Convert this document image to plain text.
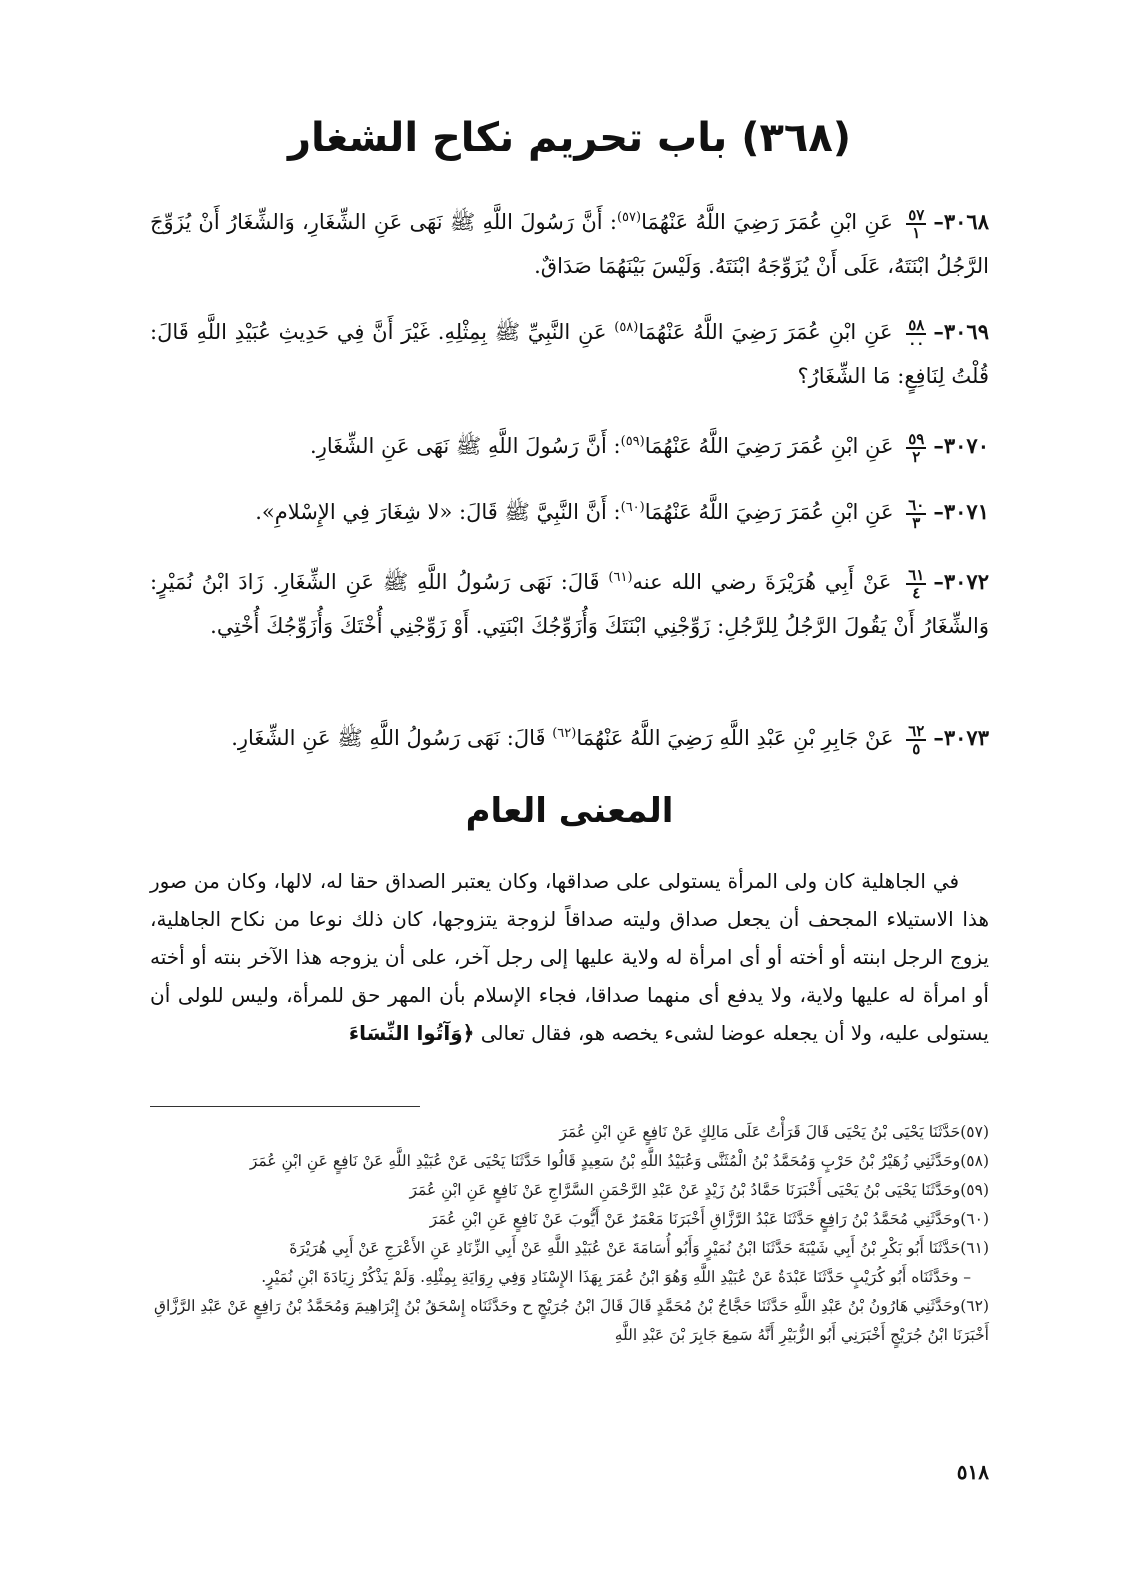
(٣٦٨) باب تحريم نكاح الشغار

٣٠٦٨–
$\frac{٥٧}{١}$
عَنِ ابْنِ عُمَرَ رَضِيَ اللَّهُ عَنْهُمَا$^{(٥٧)}$: أَنَّ رَسُولَ اللَّهِ ﷺ نَهَى عَنِ الشِّغَارِ، وَالشِّغَارُ أَنْ يُزَوِّجَ الرَّجُلُ ابْنَتَهُ، عَلَى أَنْ يُزَوِّجَهُ ابْنَتَهُ. وَلَيْسَ بَيْنَهُمَا صَدَاقٌ.

٣٠٦٩–
$\frac{٥٨}{٠٠}$
عَنِ ابْنِ عُمَرَ رَضِيَ اللَّهُ عَنْهُمَا$^{(٥٨)}$ عَنِ النَّبِيِّ ﷺ بِمِثْلِهِ. غَيْرَ أَنَّ فِي حَدِيثِ عُبَيْدِ اللَّهِ قَالَ: قُلْتُ لِنَافِعٍ: مَا الشِّغَارُ؟

٣٠٧٠–
$\frac{٥٩}{٢}$
عَنِ ابْنِ عُمَرَ رَضِيَ اللَّهُ عَنْهُمَا$^{(٥٩)}$: أَنَّ رَسُولَ اللَّهِ ﷺ نَهَى عَنِ الشِّغَارِ.

٣٠٧١–
$\frac{٦٠}{٣}$
عَنِ ابْنِ عُمَرَ رَضِيَ اللَّهُ عَنْهُمَا$^{(٦٠)}$: أَنَّ النَّبِيَّ ﷺ قَالَ: «لا شِغَارَ فِي الإِسْلامِ».

٣٠٧٢–
$\frac{٦١}{٤}$
عَنْ أَبِي هُرَيْرَةَ رضي الله عنه$^{(٦١)}$ قَالَ: نَهَى رَسُولُ اللَّهِ ﷺ عَنِ الشِّغَارِ. زَادَ ابْنُ نُمَيْرٍ: وَالشِّغَارُ أَنْ يَقُولَ الرَّجُلُ لِلرَّجُلِ: زَوِّجْنِي ابْنَتَكَ وَأُزَوِّجُكَ ابْنَتِي. أَوْ زَوِّجْنِي أُخْتَكَ وَأُزَوِّجُكَ أُخْتِي.

٣٠٧٣–
$\frac{٦٢}{٥}$
عَنْ جَابِرِ بْنِ عَبْدِ اللَّهِ رَضِيَ اللَّهُ عَنْهُمَا$^{(٦٢)}$ قَالَ: نَهَى رَسُولُ اللَّهِ ﷺ عَنِ الشِّغَارِ.

المعنى العام

في الجاهلية كان ولى المرأة يستولى على صداقها، وكان يعتبر الصداق حقا له، لالها، وكان من صور هذا الاستيلاء المجحف أن يجعل صداق وليته صداقاً لزوجة يتزوجها، كان ذلك نوعا من نكاح الجاهلية، يزوج الرجل ابنته أو أخته أو أى امرأة له ولاية عليها إلى رجل آخر، على أن يزوجه هذا الآخر بنته أو أخته أو امرأة له عليها ولاية، ولا يدفع أى منهما صداقا، فجاء الإسلام بأن المهر حق للمرأة، وليس للولى أن يستولى عليه، ولا أن يجعله عوضا لشىء يخصه هو، فقال تعالى ﴿وَآتُوا النِّسَاءَ

(٥٧)حَدَّثَنَا يَحْيَى بْنُ يَحْيَى قَالَ قَرَأْتُ عَلَى مَالِكٍ عَنْ نَافِعٍ عَنِ ابْنِ عُمَرَ

(٥٨)وحَدَّثَنِي زُهَيْرُ بْنُ حَرْبٍ وَمُحَمَّدُ بْنُ الْمُثَنَّى وَعُبَيْدُ اللَّهِ بْنُ سَعِيدٍ قَالُوا حَدَّثَنَا يَحْيَى عَنْ عُبَيْدِ اللَّهِ عَنْ نَافِعٍ عَنِ ابْنِ عُمَرَ

(٥٩)وحَدَّثَنَا يَحْيَى بْنُ يَحْيَى أَخْبَرَنَا حَمَّادُ بْنُ زَيْدٍ عَنْ عَبْدِ الرَّحْمَنِ السَّرَّاجِ عَنْ نَافِعٍ عَنِ ابْنِ عُمَرَ

(٦٠)وحَدَّثَنِي مُحَمَّدُ بْنُ رَافِعٍ حَدَّثَنَا عَبْدُ الرَّزَّاقِ أَخْبَرَنَا مَعْمَرٌ عَنْ أَيُّوبَ عَنْ نَافِعٍ عَنِ ابْنِ عُمَرَ

(٦١)حَدَّثَنَا أَبُو بَكْرِ بْنُ أَبِي شَيْبَةَ حَدَّثَنَا ابْنُ نُمَيْرٍ وَأَبُو أُسَامَةَ عَنْ عُبَيْدِ اللَّهِ عَنْ أَبِي الزِّنَادِ عَنِ الأَعْرَجِ عَنْ أَبِي هُرَيْرَةَ

– وحَدَّثَنَاه أَبُو كُرَيْبٍ حَدَّثَنَا عَبْدَةُ عَنْ عُبَيْدِ اللَّهِ وَهُوَ ابْنُ عُمَرَ بِهَذَا الإِسْنَادِ وَفِي رِوَايَةِ بِمِثْلِهِ. وَلَمْ يَذْكُرْ زِيَادَةَ ابْنِ نُمَيْرٍ.

(٦٢)وحَدَّثَنِي هَارُونُ بْنُ عَبْدِ اللَّهِ حَدَّثَنَا حَجَّاجُ بْنُ مُحَمَّدٍ قَالَ قَالَ ابْنُ جُرَيْجٍ ح وحَدَّثَنَاه إِسْحَقُ بْنُ إِبْرَاهِيمَ وَمُحَمَّدُ بْنُ رَافِعٍ عَنْ عَبْدِ الرَّزَّاقِ أَخْبَرَنَا ابْنُ جُرَيْجٍ أَخْبَرَنِي أَبُو الزُّبَيْرِ أَنَّهُ سَمِعَ جَابِرَ بْنَ عَبْدِ اللَّهِ

٥١٨
